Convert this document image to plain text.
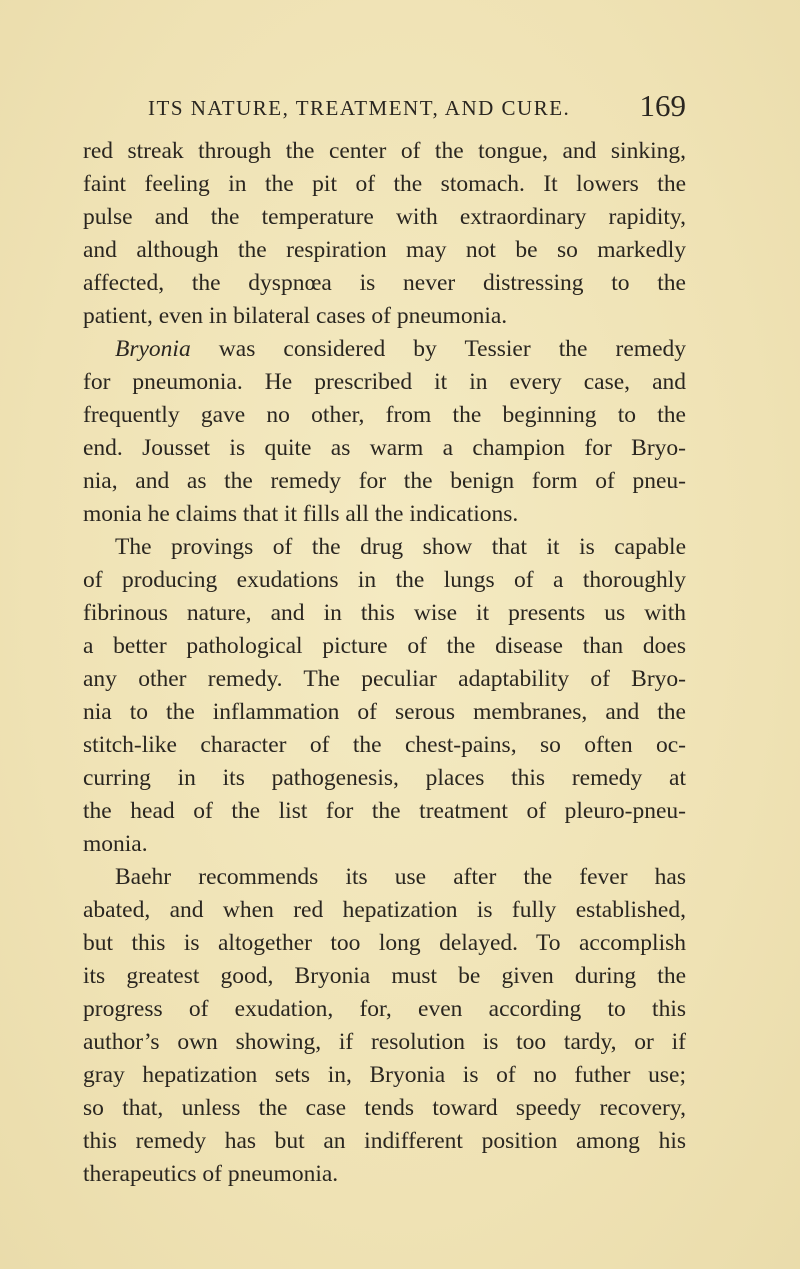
ITS NATURE, TREATMENT, AND CURE. 169
red streak through the center of the tongue, and sinking,
faint feeling in the pit of the stomach. It lowers the
pulse and the temperature with extraordinary rapidity,
and although the respiration may not be so markedly
affected, the dyspnœa is never distressing to the
patient, even in bilateral cases of pneumonia.
Bryonia was considered by Tessier the remedy
for pneumonia. He prescribed it in every case, and
frequently gave no other, from the beginning to the
end. Jousset is quite as warm a champion for Bryo-
nia, and as the remedy for the benign form of pneu-
monia he claims that it fills all the indications.
The provings of the drug show that it is capable
of producing exudations in the lungs of a thoroughly
fibrinous nature, and in this wise it presents us with
a better pathological picture of the disease than does
any other remedy. The peculiar adaptability of Bryo-
nia to the inflammation of serous membranes, and the
stitch-like character of the chest-pains, so often oc-
curring in its pathogenesis, places this remedy at
the head of the list for the treatment of pleuro-pneu-
monia.
Baehr recommends its use after the fever has
abated, and when red hepatization is fully established,
but this is altogether too long delayed. To accomplish
its greatest good, Bryonia must be given during the
progress of exudation, for, even according to this
author’s own showing, if resolution is too tardy, or if
gray hepatization sets in, Bryonia is of no futher use;
so that, unless the case tends toward speedy recovery,
this remedy has but an indifferent position among his
therapeutics of pneumonia.
